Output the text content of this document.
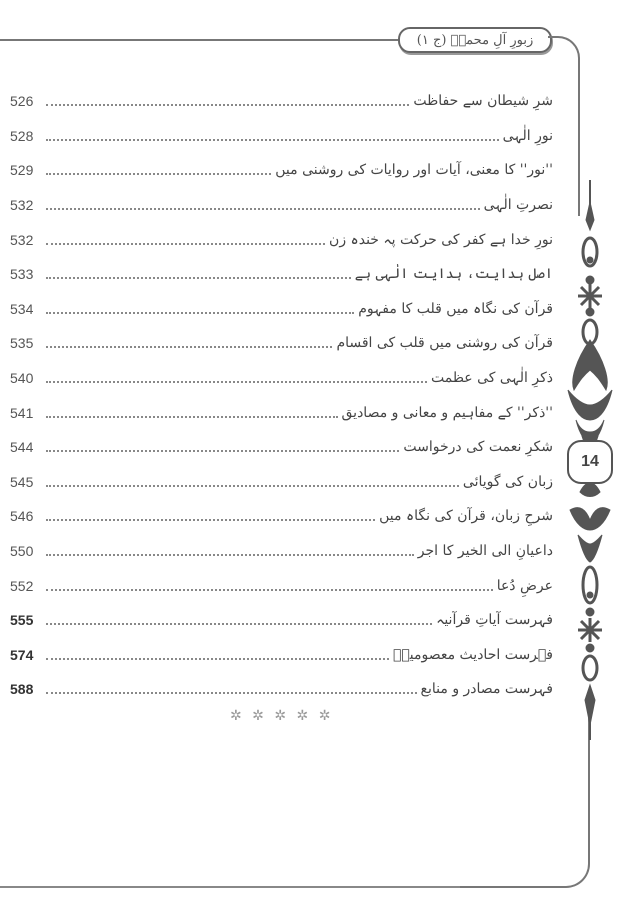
زبورِ آلِ محمدؐ (ج ۱)
526	شرِ شیطان سے حفاظت
528	نورِ الٰہی
529	''نور'' کا معنی، آیات اور روایات کی روشنی میں
532	نصرتِ الٰہی
532	نورِ خدا ہے کفر کی حرکت پہ خندہ زن
533	اصل ہدایت، ہدایت الٰہی ہے
534	قرآن کی نگاہ میں قلب کا مفہوم
535	قرآن کی روشنی میں قلب کی اقسام
540	ذکرِ الٰہی کی عظمت
541	''ذکر'' کے مفاہیم و معانی و مصادیق
544	شکرِ نعمت کی درخواست
545	زبان کی گویائی
546	شرحِ زبان، قرآن کی نگاہ میں
550	داعیانِ الی الخیر کا اجر
552	عرضِ دُعا
555	فہرست آیاتِ قرآنیہ
574	فہرست احادیث معصومینؑ
588	فہرست مصادر و منابع
✲ ✲ ✲ ✲ ✲
14
